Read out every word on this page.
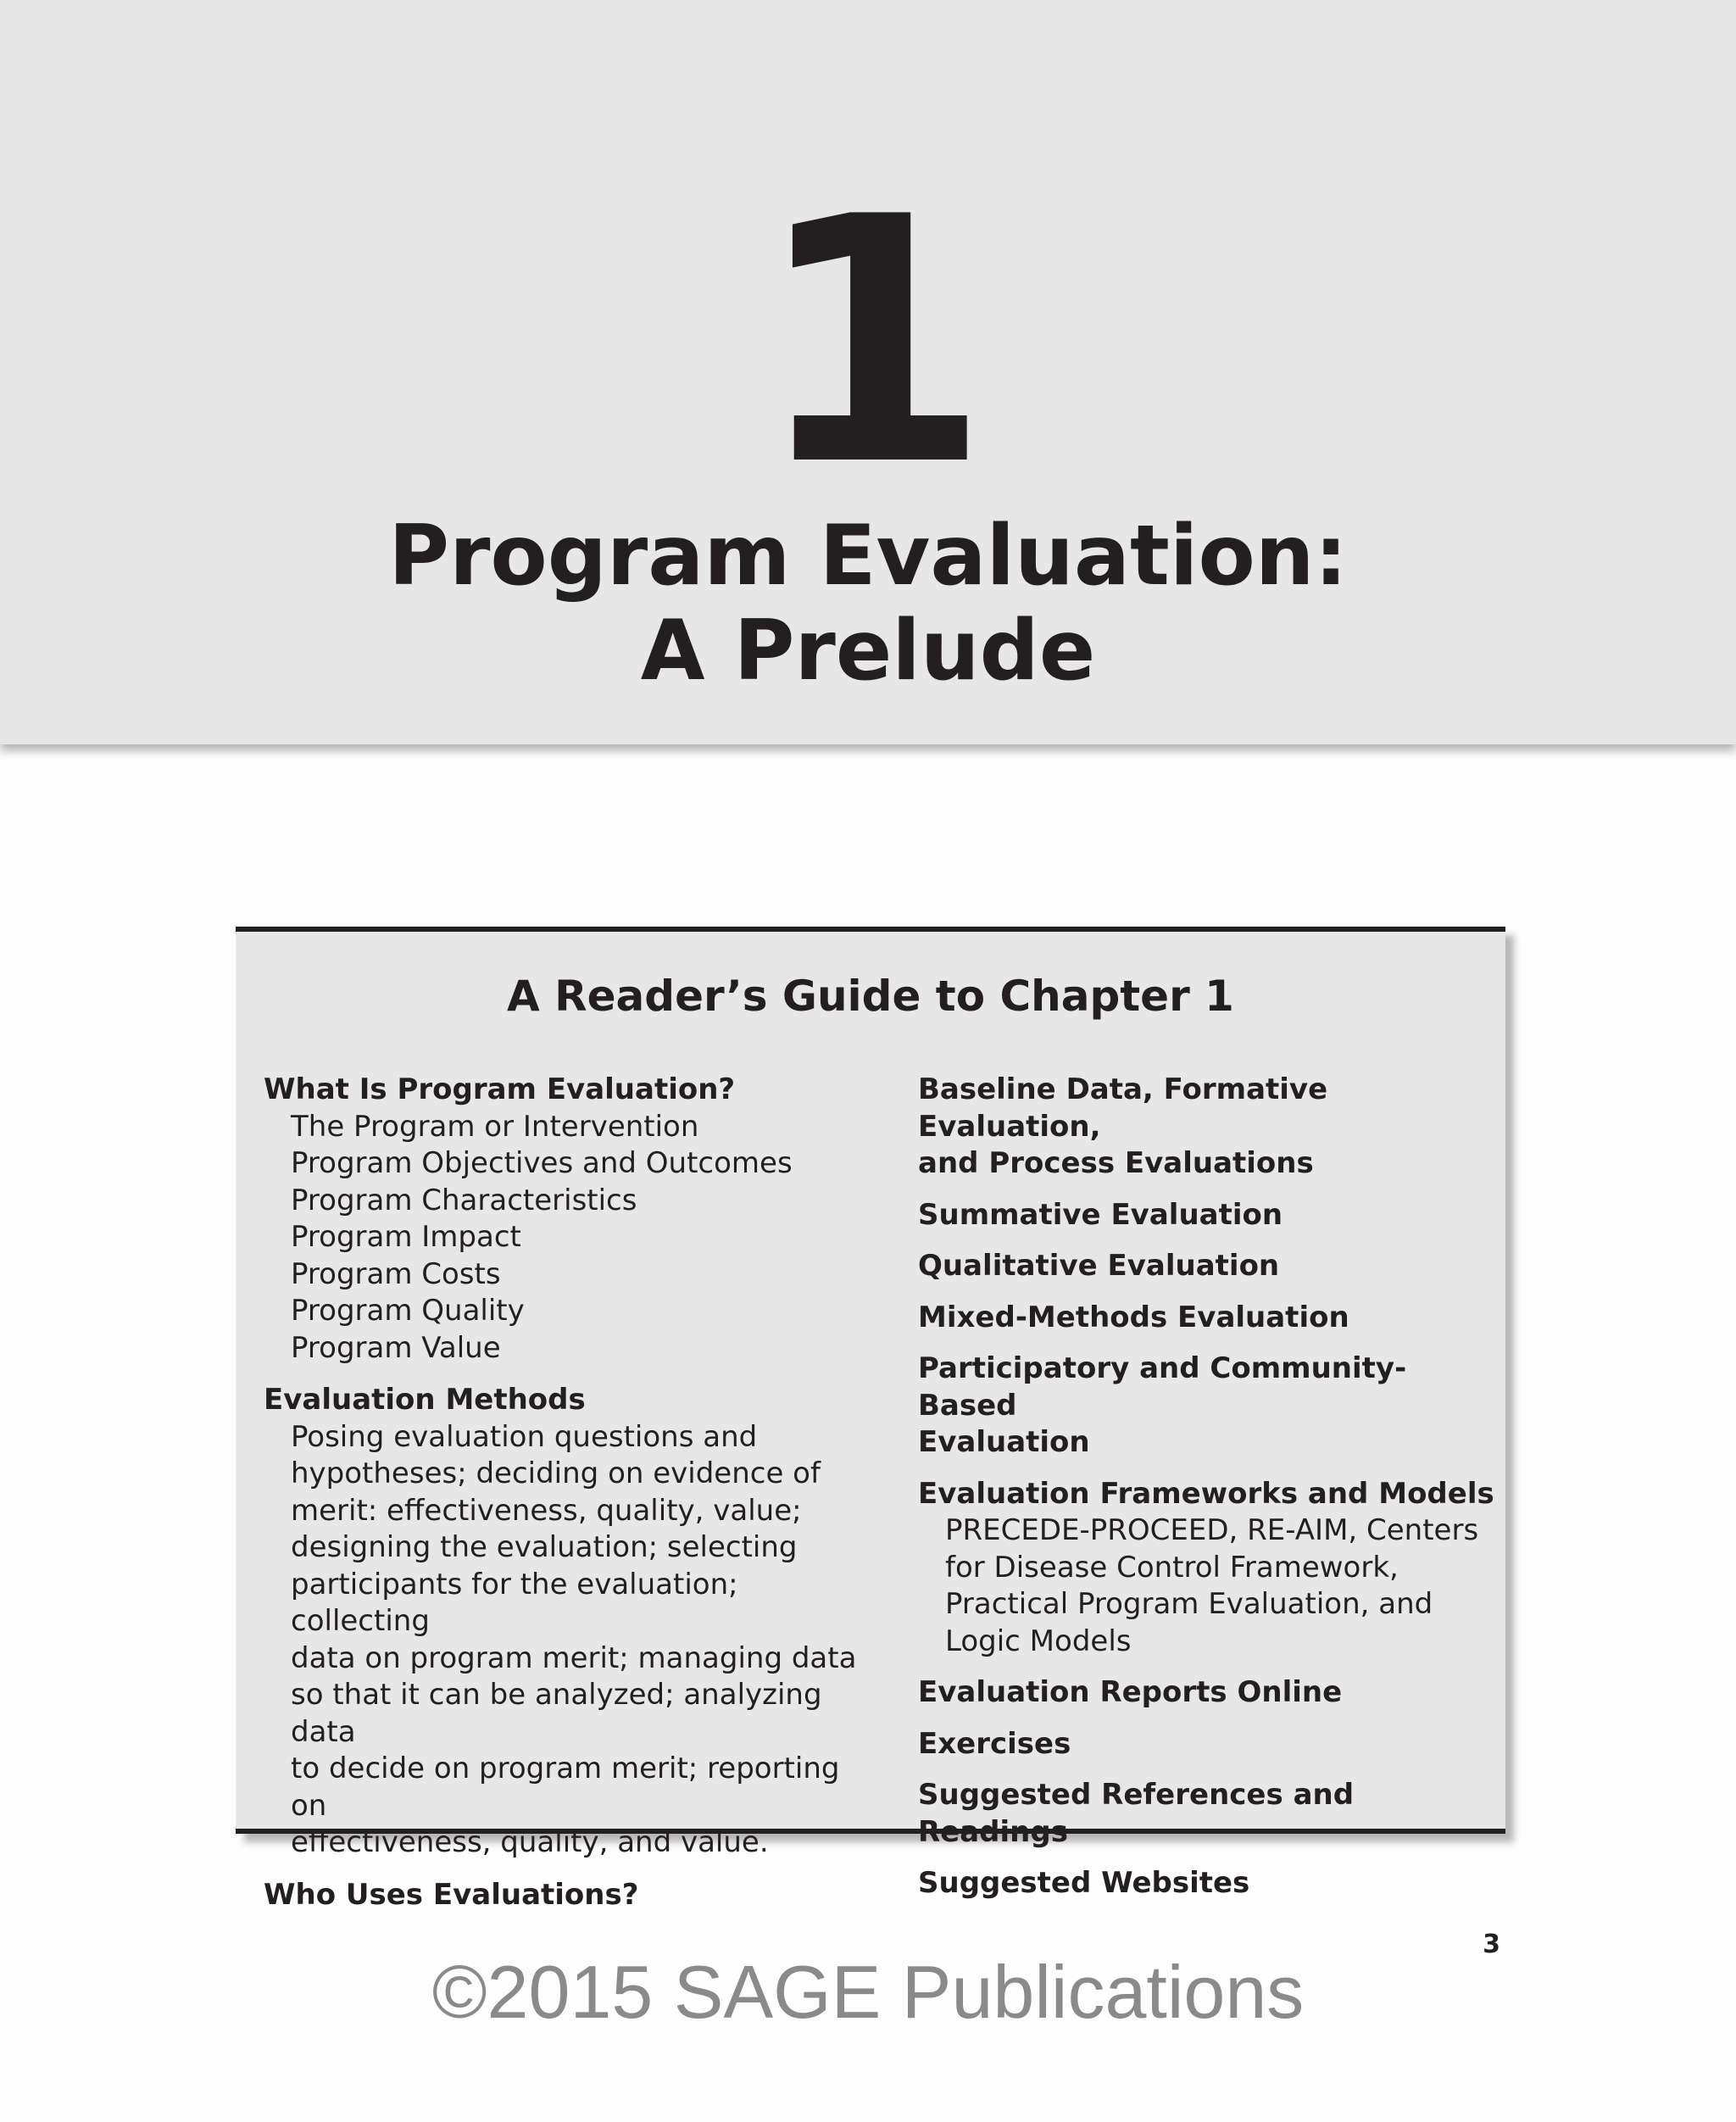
1
Program Evaluation:
A Prelude
A Reader’s Guide to Chapter 1
What Is Program Evaluation?
The Program or Intervention
Program Objectives and Outcomes
Program Characteristics
Program Impact
Program Costs
Program Quality
Program Value
Evaluation Methods
Posing evaluation questions and
hypotheses; deciding on evidence of
merit: effectiveness, quality, value;
designing the evaluation; selecting
participants for the evaluation; collecting
data on program merit; managing data
so that it can be analyzed; analyzing data
to decide on program merit; reporting on
effectiveness, quality, and value.
Who Uses Evaluations?
Baseline Data, Formative Evaluation,
and Process Evaluations
Summative Evaluation
Qualitative Evaluation
Mixed-Methods Evaluation
Participatory and Community-Based
Evaluation
Evaluation Frameworks and Models
PRECEDE-PROCEED, RE-AIM, Centers
for Disease Control Framework,
Practical Program Evaluation, and
Logic Models
Evaluation Reports Online
Exercises
Suggested References and Readings
Suggested Websites
3
©2015 SAGE Publications
